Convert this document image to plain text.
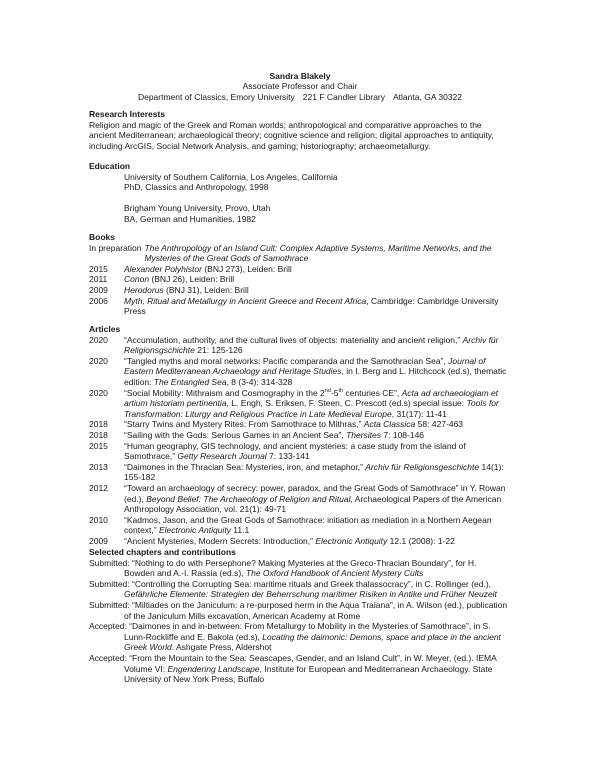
Sandra Blakely
Associate Professor and Chair
Department of Classics, Emory University 221 F Candler Library Atlanta, GA 30322
Research Interests
Religion and magic of the Greek and Roman worlds; anthropological and comparative approaches to the ancient Mediterranean; archaeological theory; cognitive science and religion; digital approaches to antiquity, including ArcGIS, Social Network Analysis, and gaming; historiography; archaeometallurgy.
Education
University of Southern California, Los Angeles, California
PhD, Classics and Anthropology, 1998
Brigham Young University, Provo, Utah
BA, German and Humanities, 1982
Books
In preparation The Anthropology of an Island Cult: Complex Adaptive Systems, Maritime Networks, and the Mysteries of the Great Gods of Samothrace
2015	Alexander Polyhistor (BNJ 273), Leiden: Brill
2011	Conon (BNJ 26), Leiden: Brill
2009	Herodorus (BNJ 31), Leiden: Brill
2006	Myth, Ritual and Metallurgy in Ancient Greece and Recent Africa, Cambridge: Cambridge University Press
Articles
2020	“Accumulation, authority, and the cultural lives of objects: materiality and ancient religion,” Archiv für Religionsgschichte 21: 125-126
2020	“Tangled myths and moral networks: Pacific comparanda and the Samothracian Sea”, Journal of Eastern Mediterranean Archaeology and Heritage Studies, in I. Berg and L. Hitchcock (ed.s), thematic edition: The Entangled Sea, 8 (3-4): 314-328
2020	“Social Mobility: Mithraism and Cosmography in the 2nd-5th centuries CE”, Acta ad archaeologiam et artium historiam pertinentia, L. Engh, S. Eriksen, F. Steen, C. Prescott (ed.s) special issue: Tools for Transformation: Liturgy and Religious Practice in Late Medieval Europe, 31(17): 11-41
2018	“Starry Twins and Mystery Rites: From Samothrace to Mithras,” Acta Classica 58: 427-463
2018	“Sailing with the Gods: Serious Games in an Ancient Sea”, Thersites 7: 108-146
2015	“Human geography, GIS technology, and ancient mysteries: a case study from the island of Samothrace,” Getty Research Journal 7: 133-141
2013	“Daimones in the Thracian Sea: Mysteries, iron, and metaphor,” Archiv für Religionsgeschichte 14(1): 155-182
2012	“Toward an archaeology of secrecy: power, paradox, and the Great Gods of Samothrace” in Y. Rowan (ed.), Beyond Belief: The Archaeology of Religion and Ritual, Archaeological Papers of the American Anthropology Association, vol. 21(1): 49-71
2010	“Kadmos, Jason, and the Great Gods of Samothrace: initiation as mediation in a Northern Aegean context,” Electronic Antiquity 11.1
2009	“Ancient Mysteries, Modern Secrets: Introduction,” Electronic Antiquity 12.1 (2008): 1-22
Selected chapters and contributions
Submitted: “Nothing to do with Persephone? Making Mysteries at the Greco-Thracian Boundary”, for H. Bowden and A.-I. Rassia (ed.s), The Oxford Handbook of Ancient Mystery Cults
Submitted: “Controlling the Corrupting Sea: maritime rituals and Greek thalassocracy”, in C. Rollinger (ed.), Gefährliche Elemente: Strategien der Beherrschung maritimer Risiken in Antike und Früher Neuzeit
Submitted: “Miltiades on the Janiculum: a re-purposed herm in the Aqua Traiana”, in A. Wilson (ed.), publication of the Janiculum Mills excavation, American Academy at Rome
Accepted: “Daimones in and in-between: From Metallurgy to Mobility in the Mysteries of Samothrace”, in S. Lunn-Rockliffe and E. Bakola (ed.s), Locating the daimonic: Demons, space and place in the ancient Greek World. Ashgate Press, Aldershot
Accepted: “From the Mountain to the Sea: Seascapes, Gender, and an Island Cult”, in W. Meyer, (ed.). IEMA Volume VI: Engendering Landscape, Institute for European and Mediterranean Archaeology. State University of New York Press, Buffalo
